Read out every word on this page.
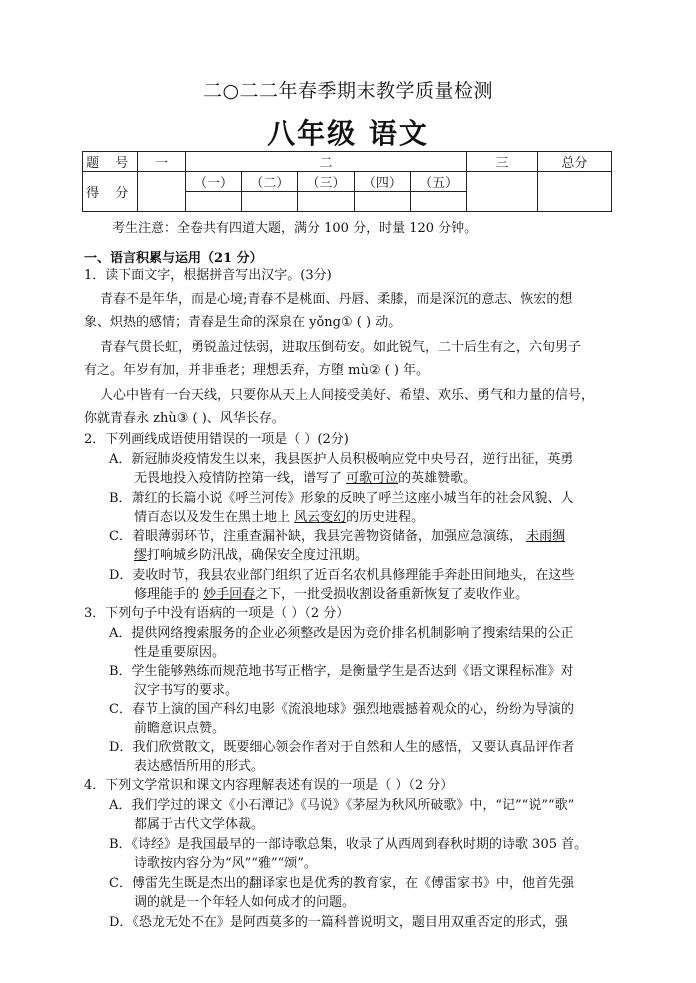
二○二二年春季期末教学质量检测
八年级 语文
题 号	一	二					三	总分
得 分		（一）	（二）	（三）	（四）	（五）		

考生注意：全卷共有四道大题，满分 100 分，时量 120 分钟。
一、语言积累与运用（21 分）
1．读下面文字，根据拼音写出汉字。(3分)
青春不是年华，而是心境;青春不是桃面、丹唇、柔膝，而是深沉的意志、恢宏的想
象、炽热的感情；青春是生命的深泉在 yǒng① ( ) 动。
青春气贯长虹，勇锐盖过怯弱，进取压倒苟安。如此锐气，二十后生有之，六旬男子
有之。年岁有加，并非垂老；理想丢弃，方堕 mù② ( ) 年。
人心中皆有一台天线，只要你从天上人间接受美好、希望、欢乐、勇气和力量的信号，
你就青春永 zhù③ ( )、风华长存。
2．下列画线成语使用错误的一项是（ ）(2分)
A．新冠肺炎疫情发生以来，我县医护人员积极响应党中央号召，逆行出征，英勇
无畏地投入疫情防控第一线，谱写了 可歌可泣的英雄赞歌。
B．萧红的长篇小说《呼兰河传》形象的反映了呼兰这座小城当年的社会风貌、人
情百态以及发生在黑土地上 风云变幻的历史进程。
C．着眼薄弱环节，注重查漏补缺，我县完善物资储备，加强应急演练， 未雨绸
缪打响城乡防汛战，确保安全度过汛期。
D．麦收时节，我县农业部门组织了近百名农机具修理能手奔赴田间地头，在这些
修理能手的 妙手回春之下，一批受损收割设备重新恢复了麦收作业。
3．下列句子中没有语病的一项是（ ）（2 分）
A．提供网络搜索服务的企业必须整改是因为竞价排名机制影响了搜索结果的公正
性是重要原因。
B．学生能够熟练而规范地书写正楷字，是衡量学生是否达到《语文课程标准》对
汉字书写的要求。
C．春节上演的国产科幻电影《流浪地球》强烈地震撼着观众的心，纷纷为导演的
前瞻意识点赞。
D．我们欣赏散文，既要细心领会作者对于自然和人生的感悟，又要认真品评作者
表达感悟所用的形式。
4．下列文学常识和课文内容理解表述有误的一项是（ ）（2 分）
A．我们学过的课文《小石潭记》《马说》《茅屋为秋风所破歌》中，“记”“说”“歌”
都属于古代文学体裁。
B．《诗经》是我国最早的一部诗歌总集，收录了从西周到春秋时期的诗歌 305 首。
诗歌按内容分为“风”“雅”“颂”。
C．傅雷先生既是杰出的翻译家也是优秀的教育家，在《傅雷家书》中，他首先强
调的就是一个年轻人如何成才的问题。
D．《恐龙无处不在》是阿西莫多的一篇科普说明文，题目用双重否定的形式，强
